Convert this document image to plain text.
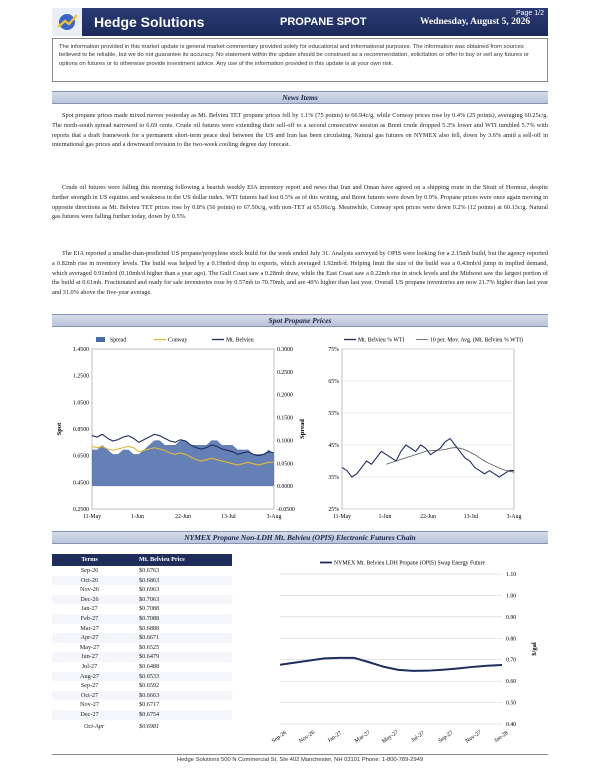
Hedge Solutions	PROPANE SPOT	Wednesday, August 5, 2026
Page 1/2
The information provided in this market update is general market commentary provided solely for educational and informational purposes. The information was obtained from sources believed to be reliable, but we do not guarantee its accuracy. No statement within the update should be construed as a recommendation, solicitation or offer to buy or sell any futures or options on futures or to otherwise provide investment advice. Any use of the information provided in this update is at your own risk.
News Items
Spot propane prices made mixed moves yesterday as Mt. Belvieu TET propane prices fell by 1.1% (75 points) to 66.94c/g, while Conway prices rose by 0.4% (25 points), averaging 60.25c/g. The north-south spread narrowed to 6.69 cents. Crude oil futures were extending their sell-off to a second consecutive session as Brent crude dropped 5.3% lower and WTI tumbled 5.7% with reports that a draft framework for a permanent short-term peace deal between the US and Iran has been circulating. Natural gas futures on NYMEX also fell, down by 3.6% amid a sell-off in international gas prices and a downward revision to the two-week cooling degree day forecast.
Crude oil futures were falling this morning following a bearish weekly EIA inventory report and news that Iran and Oman have agreed on a shipping route in the Strait of Hormuz, despite further strength in US equities and weakness in the US dollar index. WTI futures had lost 0.5% as of this writing, and Brent futures were down by 0.9%. Propane prices were once again moving in opposite directions as Mt. Belvieu TET prices rose by 0.8% (56 points) to 67.50c/g, with non-TET at 65.06c/g. Meanwhile, Conway spot prices were down 0.2% (12 points) at 60.13c/g. Natural gas futures were falling further today, down by 0.5%.
The EIA reported a smaller-than-predicted US propane/propylene stock build for the week ended July 31. Analysts surveyed by OPIS were looking for a 2.15mb build, but the agency reported a 0.82mb rise in inventory levels. The build was helped by a 0.19mb/d drop in exports, which averaged 1.92mb/d. Helping limit the size of the build was a 0.43mb/d jump in implied demand, which averaged 0.91mb/d (0.10mb/d higher than a year ago). The Gulf Coast saw a 0.28mb draw, while the East Coast saw a 0.22mb rise in stock levels and the Midwest saw the largest portion of the build at 0.61mb. Fractionated and ready for sale inventories rose by 0.57mb to 70.70mb, and are 40% higher than last year. Overall US propane inventories are now 21.7% higher than last year and 31.0% above the five-year average.
Spot Propane Prices
1.4500
1.2500
1.0500
0.8500
0.6500
0.4500
0.2500
0.3000
0.2500
0.2000
0.1500
0.1000
0.0500
0.0000
-0.0500
11-May	1-Jun	22-Jun	13-Jul	3-Aug
Spot	Spread
Spread	Conway	Mt. Belvieu
75%
65%
55%
45%
35%
25%
11-May	1-Jun	22-Jun	13-Jul	3-Aug
Mt. Belvieu % WTI	10 per. Mov. Avg. (Mt. Belvieu % WTI)
NYMEX Propane Non-LDH Mt. Belvieu (OPIS) Electronic Futures Chain
Terms	Mt. Belvieu Price
Sep-26	$0.6763
Oct-26	$0.6863
Nov-26	$0.6963
Dec-26	$0.7063
Jan-27	$0.7088
Feb-27	$0.7088
Mar-27	$0.6888
Apr-27	$0.6671
May-27	$0.6525
Jun-27	$0.6479
Jul-27	$0.6488
Aug-27	$0.6533
Sep-27	$0.6592
Oct-27	$0.6663
Nov-27	$0.6717
Dec-27	$0.6754
Oct-Apr	$0.6981
1.10
1.00
0.90
0.80
0.70
0.60
0.50
0.40
Sep-26 Nov-26 Jan-27 Mar-27 May-27 Jul-27 Sep-27 Nov-27 Jan-28
$/gal
NYMEX Mt. Belvieu LDH Propane (OPIS) Swap Energy Future
Hedge Solutions 500 N Commercial St, Ste 402 Manchester, NH 03101 Phone: 1-800-789-2949
